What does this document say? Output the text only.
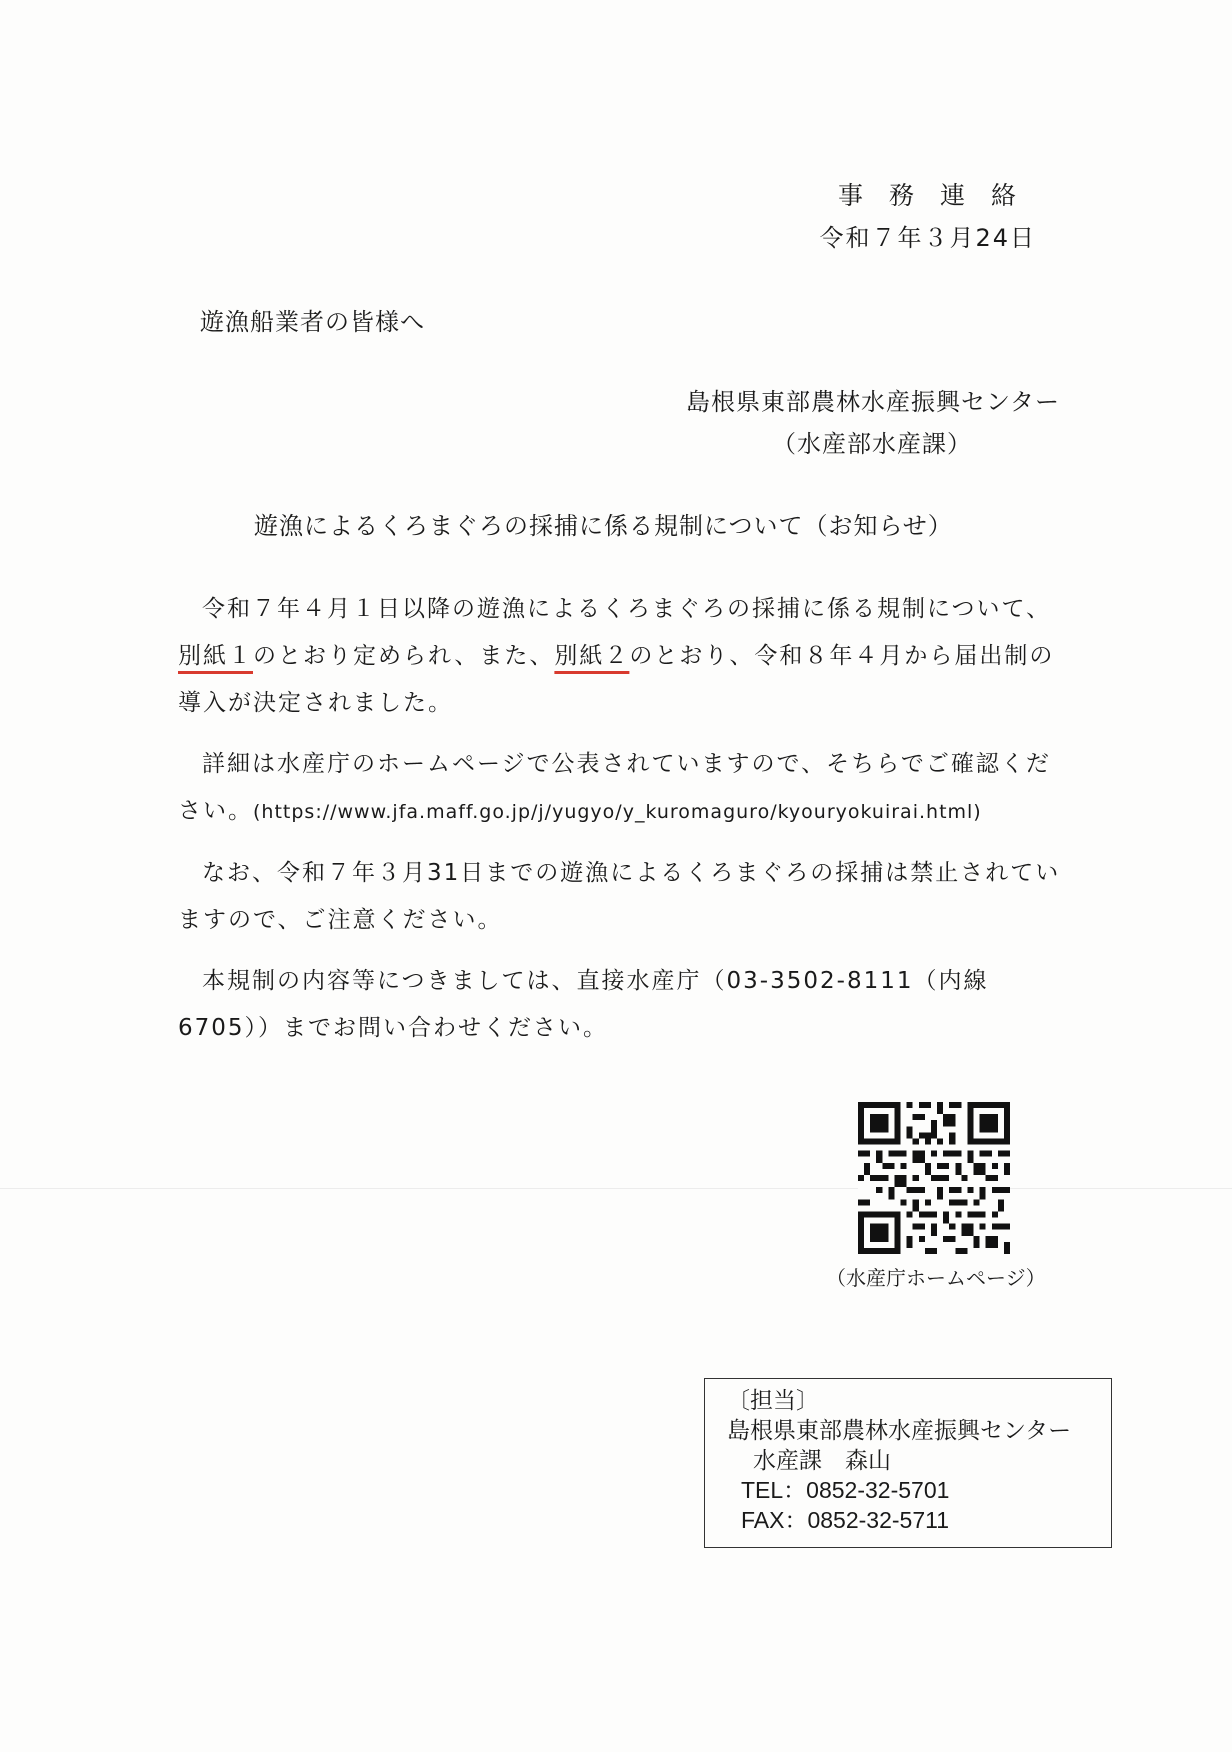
事務連絡
令和７年３月24日
遊漁船業者の皆様へ
島根県東部農林水産振興センター
（水産部水産課）
遊漁によるくろまぐろの採捕に係る規制について（お知らせ）

令和７年４月１日以降の遊漁によるくろまぐろの採捕に係る規制について、別紙１のとおり定められ、また、別紙２のとおり、令和８年４月から届出制の導入が決定されました。

詳細は水産庁のホームページで公表されていますので、そちらでご確認ください。(https://www.jfa.maff.go.jp/j/yugyo/y_kuromaguro/kyouryokuirai.html)

なお、令和７年３月31日までの遊漁によるくろまぐろの採捕は禁止されていますので、ご注意ください。

本規制の内容等につきましては、直接水産庁（03-3502-8111（内線 6705））までお問い合わせください。

（水産庁ホームページ）
〔担当〕
島根県東部農林水産振興センター
水産課　森山
TEL：0852-32-5701
FAX：0852-32-5711
